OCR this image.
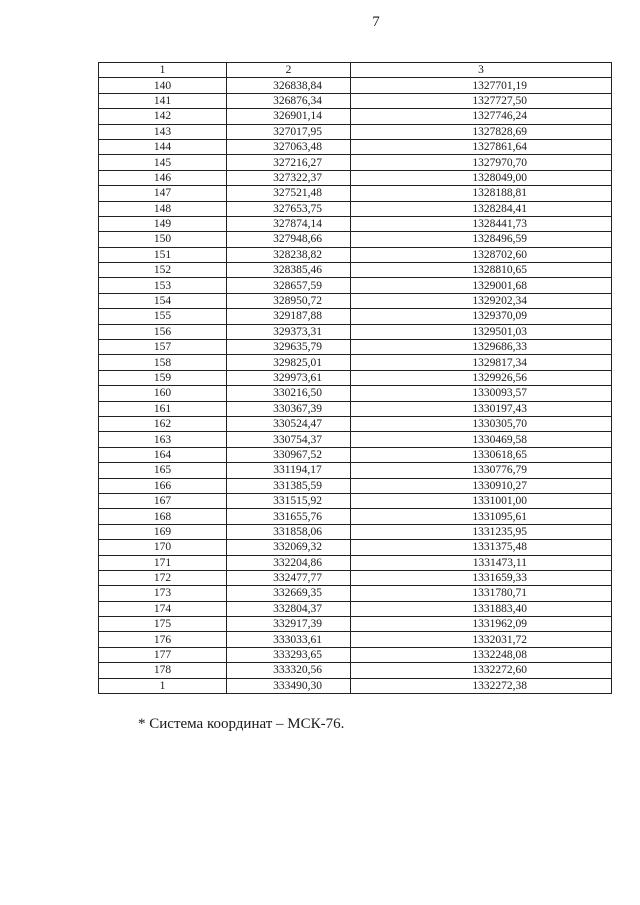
7
1	2	3
140	326838,84	1327701,19
141	326876,34	1327727,50
142	326901,14	1327746,24
143	327017,95	1327828,69
144	327063,48	1327861,64
145	327216,27	1327970,70
146	327322,37	1328049,00
147	327521,48	1328188,81
148	327653,75	1328284,41
149	327874,14	1328441,73
150	327948,66	1328496,59
151	328238,82	1328702,60
152	328385,46	1328810,65
153	328657,59	1329001,68
154	328950,72	1329202,34
155	329187,88	1329370,09
156	329373,31	1329501,03
157	329635,79	1329686,33
158	329825,01	1329817,34
159	329973,61	1329926,56
160	330216,50	1330093,57
161	330367,39	1330197,43
162	330524,47	1330305,70
163	330754,37	1330469,58
164	330967,52	1330618,65
165	331194,17	1330776,79
166	331385,59	1330910,27
167	331515,92	1331001,00
168	331655,76	1331095,61
169	331858,06	1331235,95
170	332069,32	1331375,48
171	332204,86	1331473,11
172	332477,77	1331659,33
173	332669,35	1331780,71
174	332804,37	1331883,40
175	332917,39	1331962,09
176	333033,61	1332031,72
177	333293,65	1332248,08
178	333320,56	1332272,60
1	333490,30	1332272,38
* Система координат – МСК-76.
